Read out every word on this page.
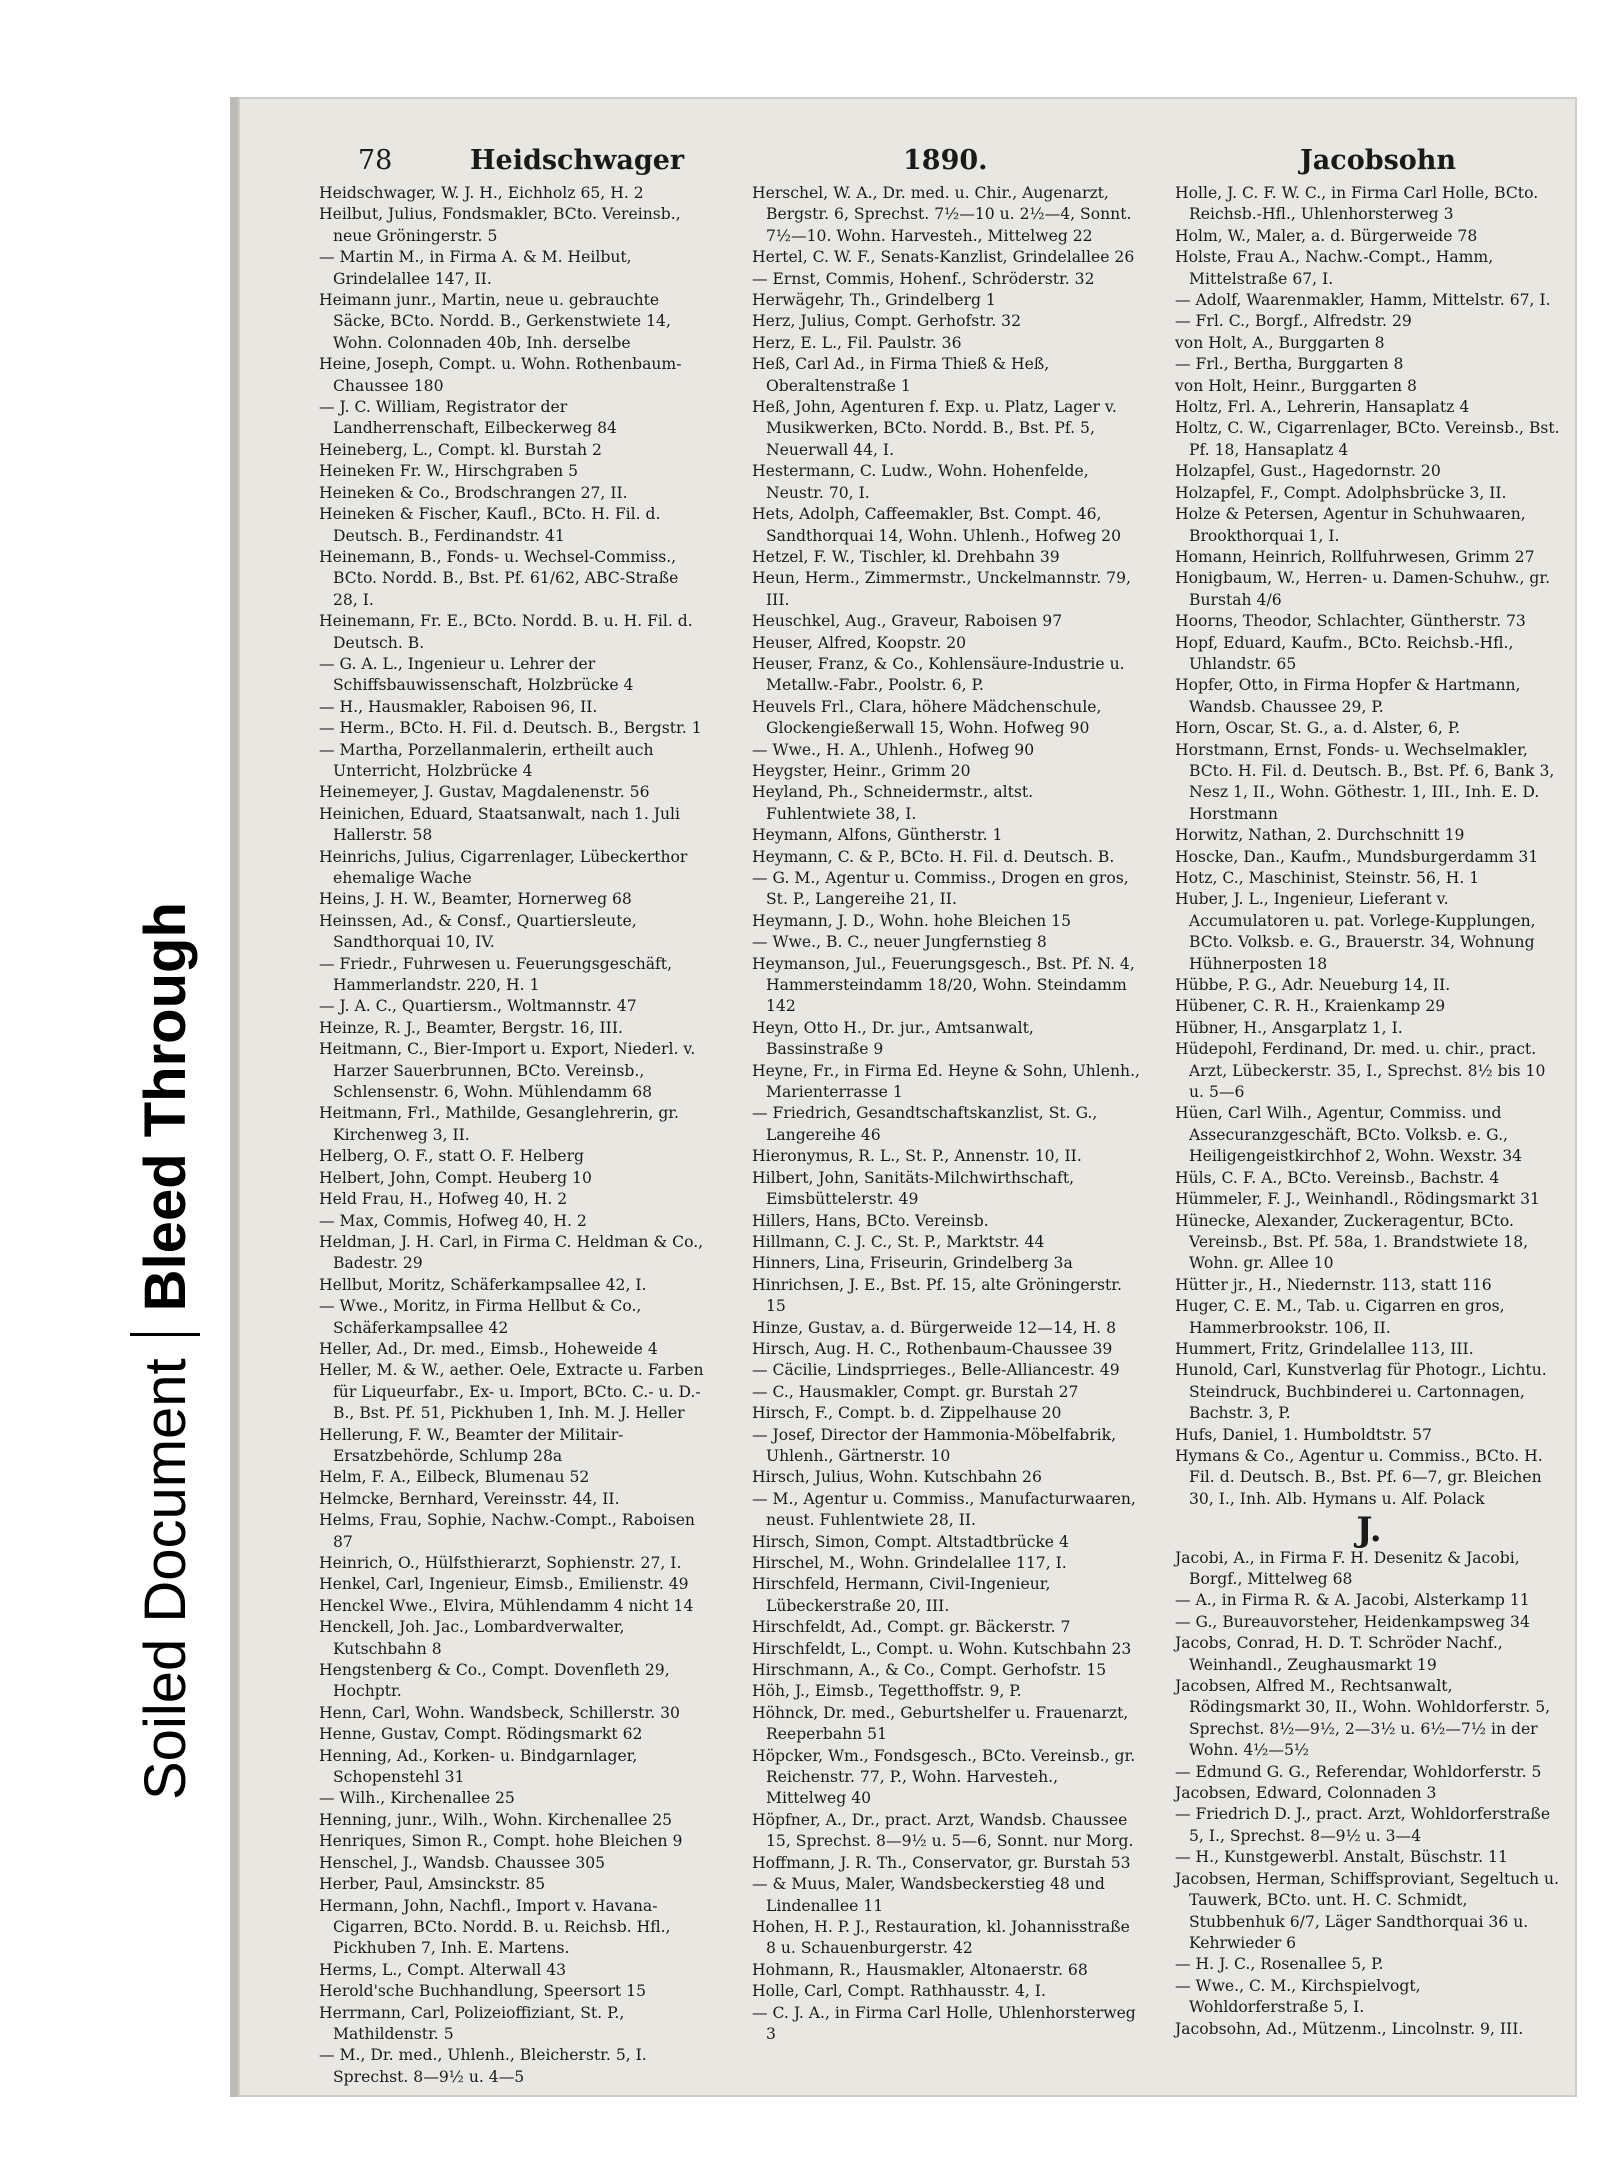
Soiled Document
Bleed Through
78	Heidschwager	1890.	Jacobsohn

Heidschwager, W. J. H., Eichholz 65, H. 2

Heilbut, Julius, Fondsmakler, BCto. Vereinsb., neue Gröningerstr. 5

— Martin M., in Firma A. & M. Heilbut, Grindelallee 147, II.

Heimann junr., Martin, neue u. gebrauchte Säcke, BCto. Nordd. B., Gerkenstwiete 14, Wohn. Colonnaden 40b, Inh. derselbe

Heine, Joseph, Compt. u. Wohn. Rothenbaum-Chaussee 180

— J. C. William, Registrator der Landherrenschaft, Eilbeckerweg 84

Heineberg, L., Compt. kl. Burstah 2

Heineken Fr. W., Hirschgraben 5

Heineken & Co., Brodschrangen 27, II.

Heineken & Fischer, Kaufl., BCto. H. Fil. d. Deutsch. B., Ferdinandstr. 41

Heinemann, B., Fonds- u. Wechsel-Commiss., BCto. Nordd. B., Bst. Pf. 61/62, ABC-Straße 28, I.

Heinemann, Fr. E., BCto. Nordd. B. u. H. Fil. d. Deutsch. B.

— G. A. L., Ingenieur u. Lehrer der Schiffsbauwissenschaft, Holzbrücke 4

— H., Hausmakler, Raboisen 96, II.

— Herm., BCto. H. Fil. d. Deutsch. B., Bergstr. 1

— Martha, Porzellanmalerin, ertheilt auch Unterricht, Holzbrücke 4

Heinemeyer, J. Gustav, Magdalenenstr. 56

Heinichen, Eduard, Staatsanwalt, nach 1. Juli Hallerstr. 58

Heinrichs, Julius, Cigarrenlager, Lübeckerthor ehemalige Wache

Heins, J. H. W., Beamter, Hornerweg 68

Heinssen, Ad., & Consf., Quartiersleute, Sandthorquai 10, IV.

— Friedr., Fuhrwesen u. Feuerungsgeschäft, Hammerlandstr. 220, H. 1

— J. A. C., Quartiersm., Woltmannstr. 47

Heinze, R. J., Beamter, Bergstr. 16, III.

Heitmann, C., Bier-Import u. Export, Niederl. v. Harzer Sauerbrunnen, BCto. Vereinsb., Schlensenstr. 6, Wohn. Mühlendamm 68

Heitmann, Frl., Mathilde, Gesanglehrerin, gr. Kirchenweg 3, II.

Helberg, O. F., statt O. F. Helberg

Helbert, John, Compt. Heuberg 10

Held Frau, H., Hofweg 40, H. 2

— Max, Commis, Hofweg 40, H. 2

Heldman, J. H. Carl, in Firma C. Heldman & Co., Badestr. 29

Hellbut, Moritz, Schäferkampsallee 42, I.

— Wwe., Moritz, in Firma Hellbut & Co., Schäferkampsallee 42

Heller, Ad., Dr. med., Eimsb., Hoheweide 4

Heller, M. & W., aether. Oele, Extracte u. Farben für Liqueurfabr., Ex- u. Import, BCto. C.- u. D.-B., Bst. Pf. 51, Pickhuben 1, Inh. M. J. Heller

Hellerung, F. W., Beamter der Militair-Ersatzbehörde, Schlump 28a

Helm, F. A., Eilbeck, Blumenau 52

Helmcke, Bernhard, Vereinsstr. 44, II.

Helms, Frau, Sophie, Nachw.-Compt., Raboisen 87

Heinrich, O., Hülfsthierarzt, Sophienstr. 27, I.

Henkel, Carl, Ingenieur, Eimsb., Emilienstr. 49

Henckel Wwe., Elvira, Mühlendamm 4 nicht 14

Henckell, Joh. Jac., Lombardverwalter, Kutschbahn 8

Hengstenberg & Co., Compt. Dovenfleth 29, Hochptr.

Henn, Carl, Wohn. Wandsbeck, Schillerstr. 30

Henne, Gustav, Compt. Rödingsmarkt 62

Henning, Ad., Korken- u. Bindgarnlager, Schopenstehl 31

— Wilh., Kirchenallee 25

Henning, junr., Wilh., Wohn. Kirchenallee 25

Henriques, Simon R., Compt. hohe Bleichen 9

Henschel, J., Wandsb. Chaussee 305

Herber, Paul, Amsinckstr. 85

Hermann, John, Nachfl., Import v. Havana-Cigarren, BCto. Nordd. B. u. Reichsb. Hfl., Pickhuben 7, Inh. E. Martens.

Herms, L., Compt. Alterwall 43

Herold'sche Buchhandlung, Speersort 15

Herrmann, Carl, Polizeioffiziant, St. P., Mathildenstr. 5

— M., Dr. med., Uhlenh., Bleicherstr. 5, I. Sprechst. 8—9½ u. 4—5

Herschel, W. A., Dr. med. u. Chir., Augenarzt, Bergstr. 6, Sprechst. 7½—10 u. 2½—4, Sonnt. 7½—10. Wohn. Harvesteh., Mittelweg 22

Hertel, C. W. F., Senats-Kanzlist, Grindelallee 26

— Ernst, Commis, Hohenf., Schröderstr. 32

Herwägehr, Th., Grindelberg 1

Herz, Julius, Compt. Gerhofstr. 32

Herz, E. L., Fil. Paulstr. 36

Heß, Carl Ad., in Firma Thieß & Heß, Oberaltenstraße 1

Heß, John, Agenturen f. Exp. u. Platz, Lager v. Musikwerken, BCto. Nordd. B., Bst. Pf. 5, Neuerwall 44, I.

Hestermann, C. Ludw., Wohn. Hohenfelde, Neustr. 70, I.

Hets, Adolph, Caffeemakler, Bst. Compt. 46, Sandthorquai 14, Wohn. Uhlenh., Hofweg 20

Hetzel, F. W., Tischler, kl. Drehbahn 39

Heun, Herm., Zimmermstr., Unckelmannstr. 79, III.

Heuschkel, Aug., Graveur, Raboisen 97

Heuser, Alfred, Koopstr. 20

Heuser, Franz, & Co., Kohlensäure-Industrie u. Metallw.-Fabr., Poolstr. 6, P.

Heuvels Frl., Clara, höhere Mädchenschule, Glockengießerwall 15, Wohn. Hofweg 90

— Wwe., H. A., Uhlenh., Hofweg 90

Heygster, Heinr., Grimm 20

Heyland, Ph., Schneidermstr., altst. Fuhlentwiete 38, I.

Heymann, Alfons, Güntherstr. 1

Heymann, C. & P., BCto. H. Fil. d. Deutsch. B.

— G. M., Agentur u. Commiss., Drogen en gros, St. P., Langereihe 21, II.

Heymann, J. D., Wohn. hohe Bleichen 15

— Wwe., B. C., neuer Jungfernstieg 8

Heymanson, Jul., Feuerungsgesch., Bst. Pf. N. 4, Hammersteindamm 18/20, Wohn. Steindamm 142

Heyn, Otto H., Dr. jur., Amtsanwalt, Bassinstraße 9

Heyne, Fr., in Firma Ed. Heyne & Sohn, Uhlenh., Marienterrasse 1

— Friedrich, Gesandtschaftskanzlist, St. G., Langereihe 46

Hieronymus, R. L., St. P., Annenstr. 10, II.

Hilbert, John, Sanitäts-Milchwirthschaft, Eimsbüttelerstr. 49

Hillers, Hans, BCto. Vereinsb.

Hillmann, C. J. C., St. P., Marktstr. 44

Hinners, Lina, Friseurin, Grindelberg 3a

Hinrichsen, J. E., Bst. Pf. 15, alte Gröningerstr. 15

Hinze, Gustav, a. d. Bürgerweide 12—14, H. 8

Hirsch, Aug. H. C., Rothenbaum-Chaussee 39

— Cäcilie, Lindsprrieges., Belle-Alliancestr. 49

— C., Hausmakler, Compt. gr. Burstah 27

Hirsch, F., Compt. b. d. Zippelhause 20

— Josef, Director der Hammonia-Möbelfabrik, Uhlenh., Gärtnerstr. 10

Hirsch, Julius, Wohn. Kutschbahn 26

— M., Agentur u. Commiss., Manufacturwaaren, neust. Fuhlentwiete 28, II.

Hirsch, Simon, Compt. Altstadtbrücke 4

Hirschel, M., Wohn. Grindelallee 117, I.

Hirschfeld, Hermann, Civil-Ingenieur, Lübeckerstraße 20, III.

Hirschfeldt, Ad., Compt. gr. Bäckerstr. 7

Hirschfeldt, L., Compt. u. Wohn. Kutschbahn 23

Hirschmann, A., & Co., Compt. Gerhofstr. 15

Höh, J., Eimsb., Tegetthoffstr. 9, P.

Höhnck, Dr. med., Geburtshelfer u. Frauenarzt, Reeperbahn 51

Höpcker, Wm., Fondsgesch., BCto. Vereinsb., gr. Reichenstr. 77, P., Wohn. Harvesteh., Mittelweg 40

Höpfner, A., Dr., pract. Arzt, Wandsb. Chaussee 15, Sprechst. 8—9½ u. 5—6, Sonnt. nur Morg.

Hoffmann, J. R. Th., Conservator, gr. Burstah 53

— & Muus, Maler, Wandsbeckerstieg 48 und Lindenallee 11

Hohen, H. P. J., Restauration, kl. Johannisstraße 8 u. Schauenburgerstr. 42

Hohmann, R., Hausmakler, Altonaerstr. 68

Holle, Carl, Compt. Rathhausstr. 4, I.

— C. J. A., in Firma Carl Holle, Uhlenhorsterweg 3

Holle, J. C. F. W. C., in Firma Carl Holle, BCto. Reichsb.-Hfl., Uhlenhorsterweg 3

Holm, W., Maler, a. d. Bürgerweide 78

Holste, Frau A., Nachw.-Compt., Hamm, Mittelstraße 67, I.

— Adolf, Waarenmakler, Hamm, Mittelstr. 67, I.

— Frl. C., Borgf., Alfredstr. 29

von Holt, A., Burggarten 8

— Frl., Bertha, Burggarten 8

von Holt, Heinr., Burggarten 8

Holtz, Frl. A., Lehrerin, Hansaplatz 4

Holtz, C. W., Cigarrenlager, BCto. Vereinsb., Bst. Pf. 18, Hansaplatz 4

Holzapfel, Gust., Hagedornstr. 20

Holzapfel, F., Compt. Adolphsbrücke 3, II.

Holze & Petersen, Agentur in Schuhwaaren, Brookthorquai 1, I.

Homann, Heinrich, Rollfuhrwesen, Grimm 27

Honigbaum, W., Herren- u. Damen-Schuhw., gr. Burstah 4/6

Hoorns, Theodor, Schlachter, Güntherstr. 73

Hopf, Eduard, Kaufm., BCto. Reichsb.-Hfl., Uhlandstr. 65

Hopfer, Otto, in Firma Hopfer & Hartmann, Wandsb. Chaussee 29, P.

Horn, Oscar, St. G., a. d. Alster, 6, P.

Horstmann, Ernst, Fonds- u. Wechselmakler, BCto. H. Fil. d. Deutsch. B., Bst. Pf. 6, Bank 3, Nesz 1, II., Wohn. Göthestr. 1, III., Inh. E. D. Horstmann

Horwitz, Nathan, 2. Durchschnitt 19

Hoscke, Dan., Kaufm., Mundsburgerdamm 31

Hotz, C., Maschinist, Steinstr. 56, H. 1

Huber, J. L., Ingenieur, Lieferant v. Accumulatoren u. pat. Vorlege-Kupplungen, BCto. Volksb. e. G., Brauerstr. 34, Wohnung Hühnerposten 18

Hübbe, P. G., Adr. Neueburg 14, II.

Hübener, C. R. H., Kraienkamp 29

Hübner, H., Ansgarplatz 1, I.

Hüdepohl, Ferdinand, Dr. med. u. chir., pract. Arzt, Lübeckerstr. 35, I., Sprechst. 8½ bis 10 u. 5—6

Hüen, Carl Wilh., Agentur, Commiss. und Assecuranzgeschäft, BCto. Volksb. e. G., Heiligengeistkirchhof 2, Wohn. Wexstr. 34

Hüls, C. F. A., BCto. Vereinsb., Bachstr. 4

Hümmeler, F. J., Weinhandl., Rödingsmarkt 31

Hünecke, Alexander, Zuckeragentur, BCto. Vereinsb., Bst. Pf. 58a, 1. Brandstwiete 18, Wohn. gr. Allee 10

Hütter jr., H., Niedernstr. 113, statt 116

Huger, C. E. M., Tab. u. Cigarren en gros, Hammerbrookstr. 106, II.

Hummert, Fritz, Grindelallee 113, III.

Hunold, Carl, Kunstverlag für Photogr., Lichtu. Steindruck, Buchbinderei u. Cartonnagen, Bachstr. 3, P.

Hufs, Daniel, 1. Humboldtstr. 57

Hymans & Co., Agentur u. Commiss., BCto. H. Fil. d. Deutsch. B., Bst. Pf. 6—7, gr. Bleichen 30, I., Inh. Alb. Hymans u. Alf. Polack

J.

Jacobi, A., in Firma F. H. Desenitz & Jacobi, Borgf., Mittelweg 68

— A., in Firma R. & A. Jacobi, Alsterkamp 11

— G., Bureauvorsteher, Heidenkampsweg 34

Jacobs, Conrad, H. D. T. Schröder Nachf., Weinhandl., Zeughausmarkt 19

Jacobsen, Alfred M., Rechtsanwalt, Rödingsmarkt 30, II., Wohn. Wohldorferstr. 5, Sprechst. 8½—9½, 2—3½ u. 6½—7½ in der Wohn. 4½—5½

— Edmund G. G., Referendar, Wohldorferstr. 5

Jacobsen, Edward, Colonnaden 3

— Friedrich D. J., pract. Arzt, Wohldorferstraße 5, I., Sprechst. 8—9½ u. 3—4

— H., Kunstgewerbl. Anstalt, Büschstr. 11

Jacobsen, Herman, Schiffsproviant, Segeltuch u. Tauwerk, BCto. unt. H. C. Schmidt, Stubbenhuk 6/7, Läger Sandthorquai 36 u. Kehrwieder 6

— H. J. C., Rosenallee 5, P.

— Wwe., C. M., Kirchspielvogt, Wohldorferstraße 5, I.

Jacobsohn, Ad., Mützenm., Lincolnstr. 9, III.
